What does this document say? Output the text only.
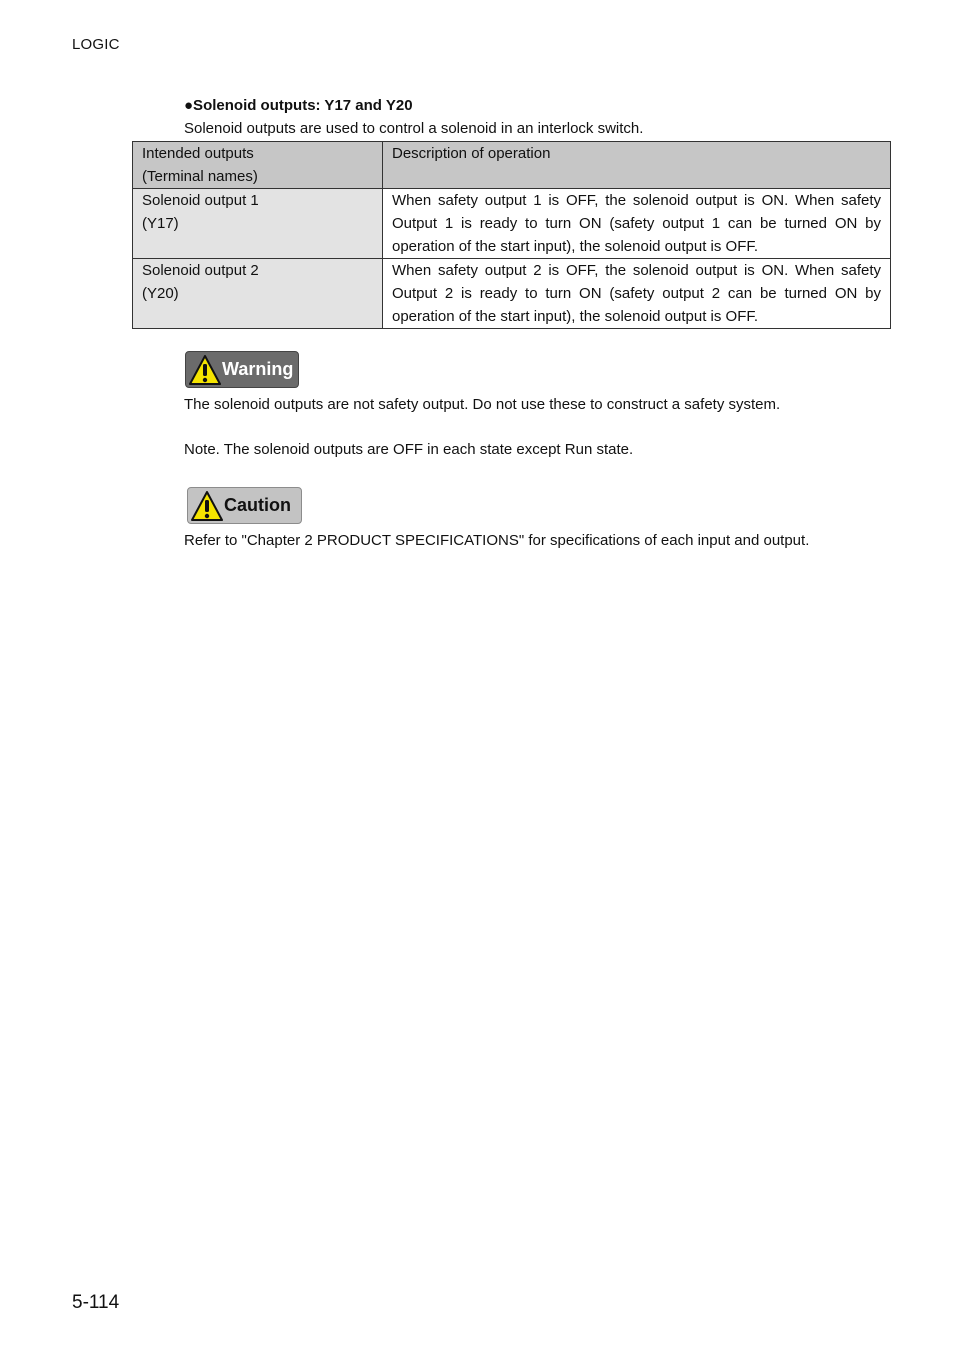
LOGIC
●Solenoid outputs: Y17 and Y20
Solenoid outputs are used to control a solenoid in an interlock switch.
Intended outputs
(Terminal names)	Description of operation

Solenoid output 1
(Y17)	When safety output 1 is OFF, the solenoid output is ON. When safety Output 1 is ready to turn ON (safety output 1 can be turned ON by operation of the start input), the solenoid output is OFF.

Solenoid output 2
(Y20)	When safety output 2 is OFF, the solenoid output is ON. When safety Output 2 is ready to turn ON (safety output 2 can be turned ON by operation of the start input), the solenoid output is OFF.
Warning
The solenoid outputs are not safety output. Do not use these to construct a safety system.
Note. The solenoid outputs are OFF in each state except Run state.
Caution
Refer to "Chapter 2 PRODUCT SPECIFICATIONS" for specifications of each input and output.
5-114
